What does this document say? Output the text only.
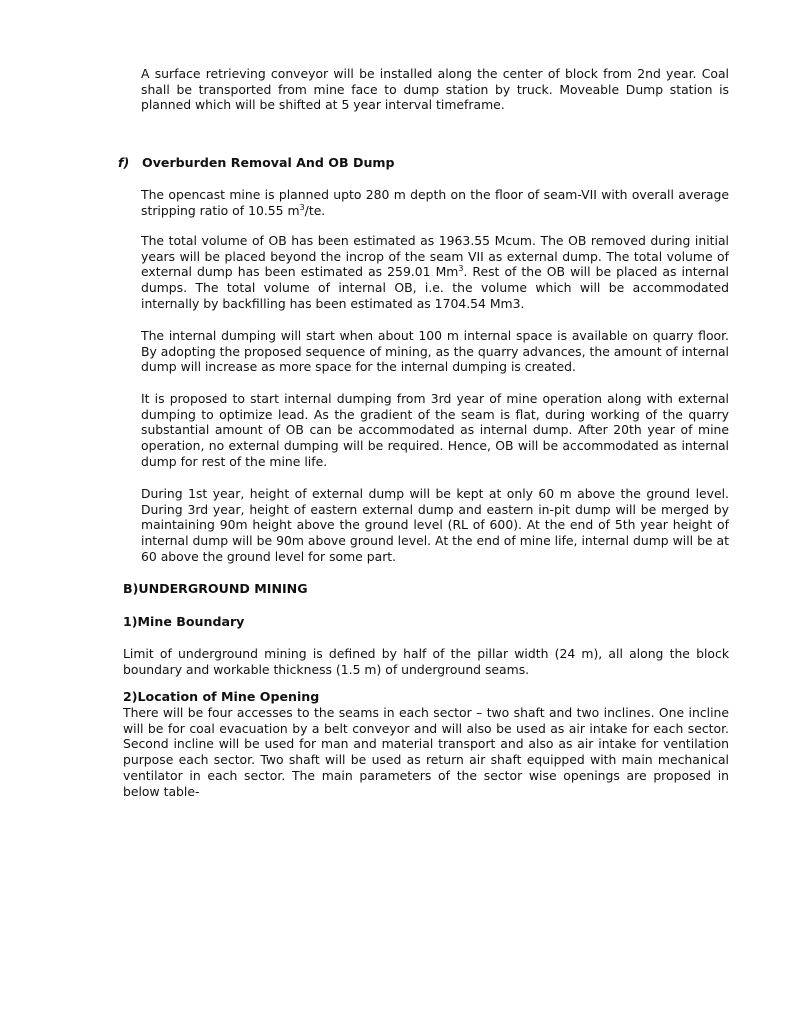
A surface retrieving conveyor will be installed along the center of block from 2nd year. Coal shall be transported from mine face to dump station by truck. Moveable Dump station is planned which will be shifted at 5 year interval timeframe.

f) Overburden Removal And OB Dump

The opencast mine is planned upto 280 m depth on the floor of seam-VII with overall average stripping ratio of 10.55 $m^3/te$.

The total volume of OB has been estimated as 1963.55 Mcum. The OB removed during initial years will be placed beyond the incrop of the seam VII as external dump. The total volume of external dump has been estimated as 259.01 Mm$^3$. Rest of the OB will be placed as internal dumps. The total volume of internal OB, i.e. the volume which will be accommodated internally by backfilling has been estimated as 1704.54 Mm3.

The internal dumping will start when about 100 m internal space is available on quarry floor. By adopting the proposed sequence of mining, as the quarry advances, the amount of internal dump will increase as more space for the internal dumping is created.

It is proposed to start internal dumping from 3rd year of mine operation along with external dumping to optimize lead. As the gradient of the seam is flat, during working of the quarry substantial amount of OB can be accommodated as internal dump. After 20th year of mine operation, no external dumping will be required. Hence, OB will be accommodated as internal dump for rest of the mine life.

During 1st year, height of external dump will be kept at only 60 m above the ground level. During 3rd year, height of eastern external dump and eastern in-pit dump will be merged by maintaining 90m height above the ground level (RL of 600). At the end of 5th year height of internal dump will be 90m above ground level. At the end of mine life, internal dump will be at 60 above the ground level for some part.

B)UNDERGROUND MINING
1)Mine Boundary

Limit of underground mining is defined by half of the pillar width (24 m), all along the block boundary and workable thickness (1.5 m) of underground seams.

2)Location of Mine Opening

There will be four accesses to the seams in each sector – two shaft and two inclines. One incline will be for coal evacuation by a belt conveyor and will also be used as air intake for each sector. Second incline will be used for man and material transport and also as air intake for ventilation purpose each sector. Two shaft will be used as return air shaft equipped with main mechanical ventilator in each sector. The main parameters of the sector wise openings are proposed in below table-
